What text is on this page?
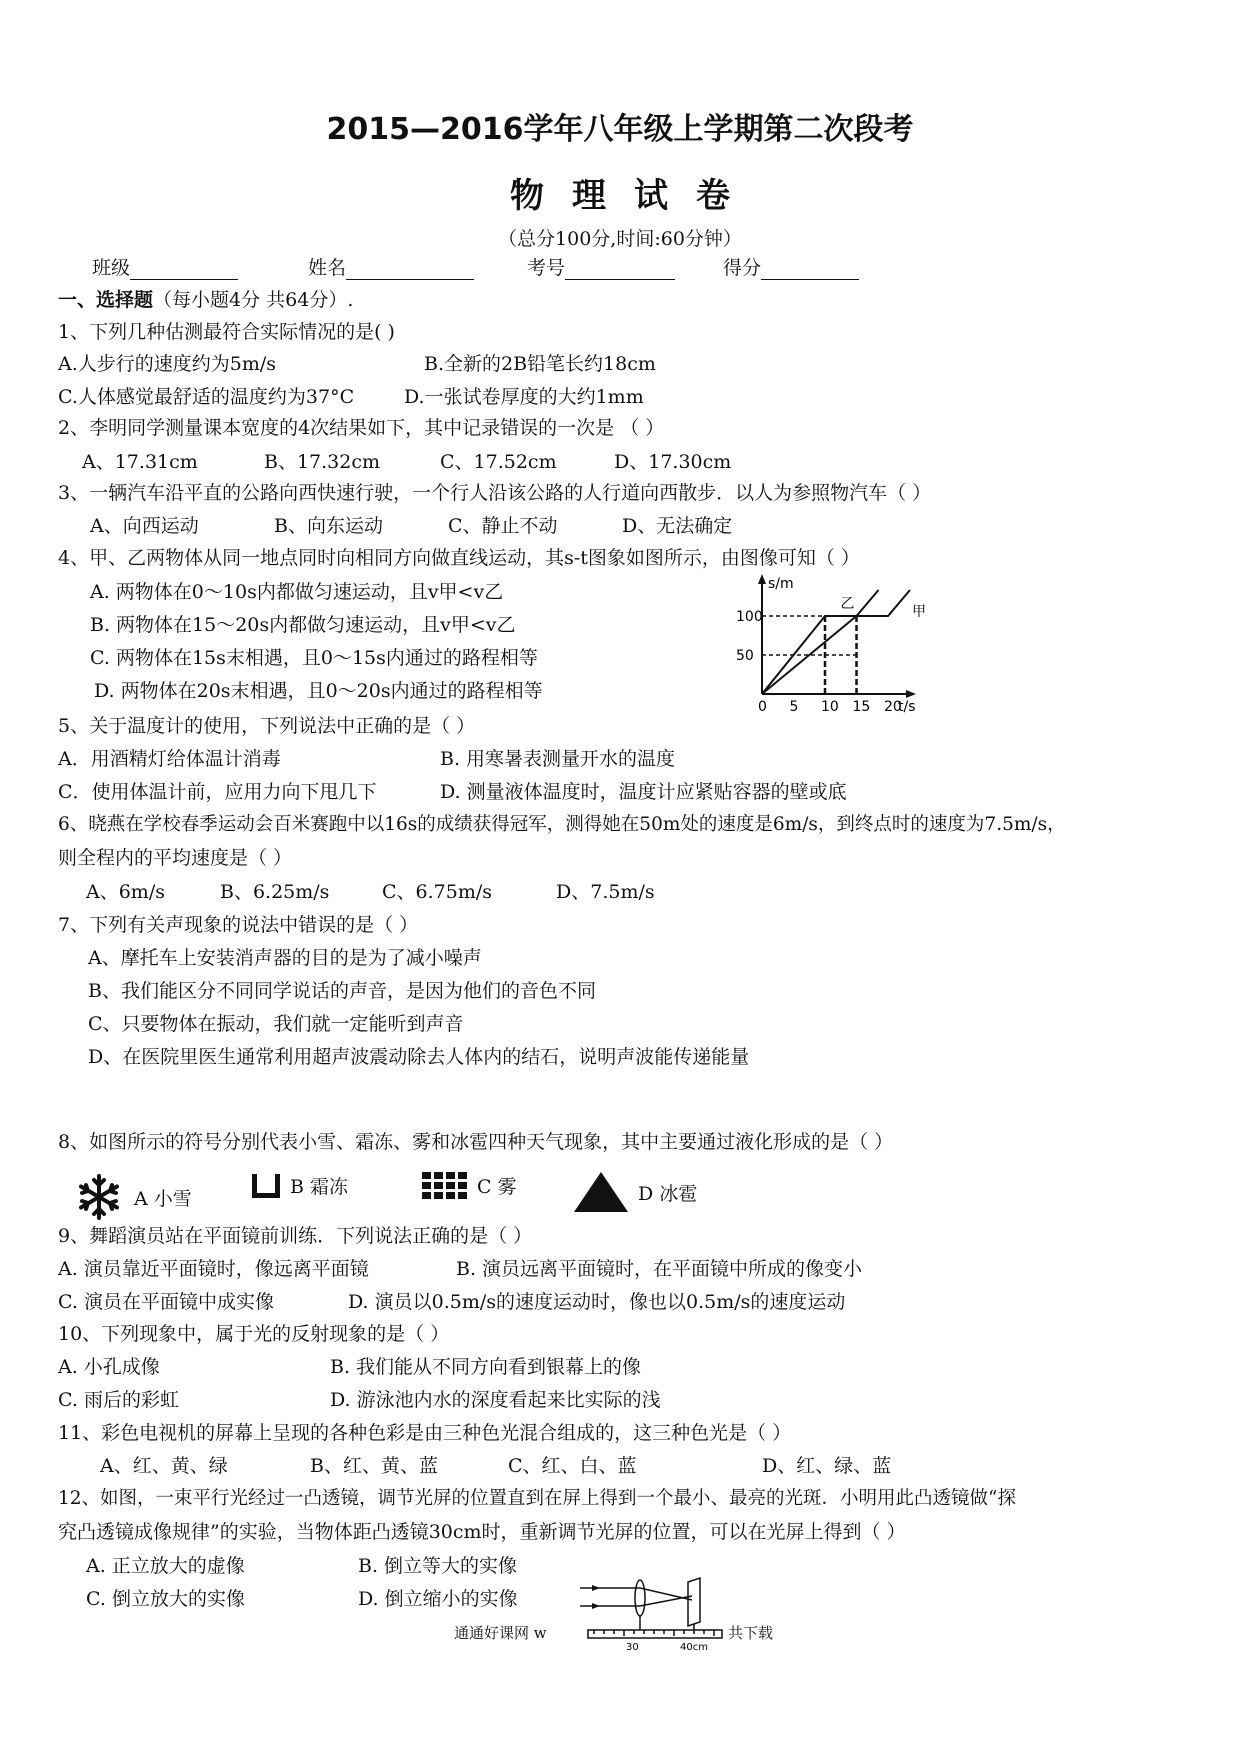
2015—2016学年八年级上学期第二次段考
物理试卷
（总分100分,时间:60分钟）
班级	姓名	考号	得分
一、选择题（每小题4分 共64分）.
1、下列几种估测最符合实际情况的是( )
A.人步行的速度约为5m/s	B.全新的2B铅笔长约18cm
C.人体感觉最舒适的温度约为37°C	D.一张试卷厚度的大约1mm
2、李明同学测量课本宽度的4次结果如下，其中记录错误的一次是 （ ）
A、17.31cm	B、17.32cm	C、17.52cm	D、17.30cm
3、一辆汽车沿平直的公路向西快速行驶，一个行人沿该公路的人行道向西散步．以人为参照物汽车（ ）
A、向西运动	B、向东运动	C、静止不动	D、无法确定
4、甲、乙两物体从同一地点同时向相同方向做直线运动，其s-t图象如图所示，由图像可知（ ）
A. 两物体在0～10s内都做匀速运动，且v甲<v乙
B. 两物体在15～20s内都做匀速运动，且v甲<v乙
C. 两物体在15s末相遇，且0～15s内通过的路程相等
D. 两物体在20s末相遇，且0～20s内通过的路程相等
s/m
t/s
0 5 10 15 20
50
100
乙	甲
5、关于温度计的使用，下列说法中正确的是（ ）
A．用酒精灯给体温计消毒	B. 用寒暑表测量开水的温度
C．使用体温计前，应用力向下甩几下	D. 测量液体温度时，温度计应紧贴容器的壁或底
6、晓燕在学校春季运动会百米赛跑中以16s的成绩获得冠军，测得她在50m处的速度是6m/s，到终点时的速度为7.5m/s，
则全程内的平均速度是（ ）
A、6m/s	B、6.25m/s	C、6.75m/s	D、7.5m/s
7、下列有关声现象的说法中错误的是（ ）
A、摩托车上安装消声器的目的是为了减小噪声
B、我们能区分不同同学说话的声音，是因为他们的音色不同
C、只要物体在振动，我们就一定能听到声音
D、在医院里医生通常利用超声波震动除去人体内的结石，说明声波能传递能量
8、如图所示的符号分别代表小雪、霜冻、雾和冰雹四种天气现象，其中主要通过液化形成的是（ ）
A 小雪
B 霜冻	C 雾	D 冰雹
9、舞蹈演员站在平面镜前训练．下列说法正确的是（ ）
A. 演员靠近平面镜时，像远离平面镜	B. 演员远离平面镜时，在平面镜中所成的像变小
C. 演员在平面镜中成实像	D. 演员以0.5m/s的速度运动时，像也以0.5m/s的速度运动
10、下列现象中，属于光的反射现象的是（ ）
A. 小孔成像	B. 我们能从不同方向看到银幕上的像
C. 雨后的彩虹	D. 游泳池内水的深度看起来比实际的浅
11、彩色电视机的屏幕上呈现的各种色彩是由三种色光混合组成的，这三种色光是（ ）
A、红、黄、绿	B、红、黄、蓝	C、红、白、蓝	D、红、绿、蓝
12、如图，一束平行光经过一凸透镜，调节光屏的位置直到在屏上得到一个最小、最亮的光斑．小明用此凸透镜做“探
究凸透镜成像规律”的实验，当物体距凸透镜30cm时，重新调节光屏的位置，可以在光屏上得到（ ）
A. 正立放大的虚像	B. 倒立等大的实像
C. 倒立放大的实像	D. 倒立缩小的实像
30	40cm
通通好课网 w	共下载
